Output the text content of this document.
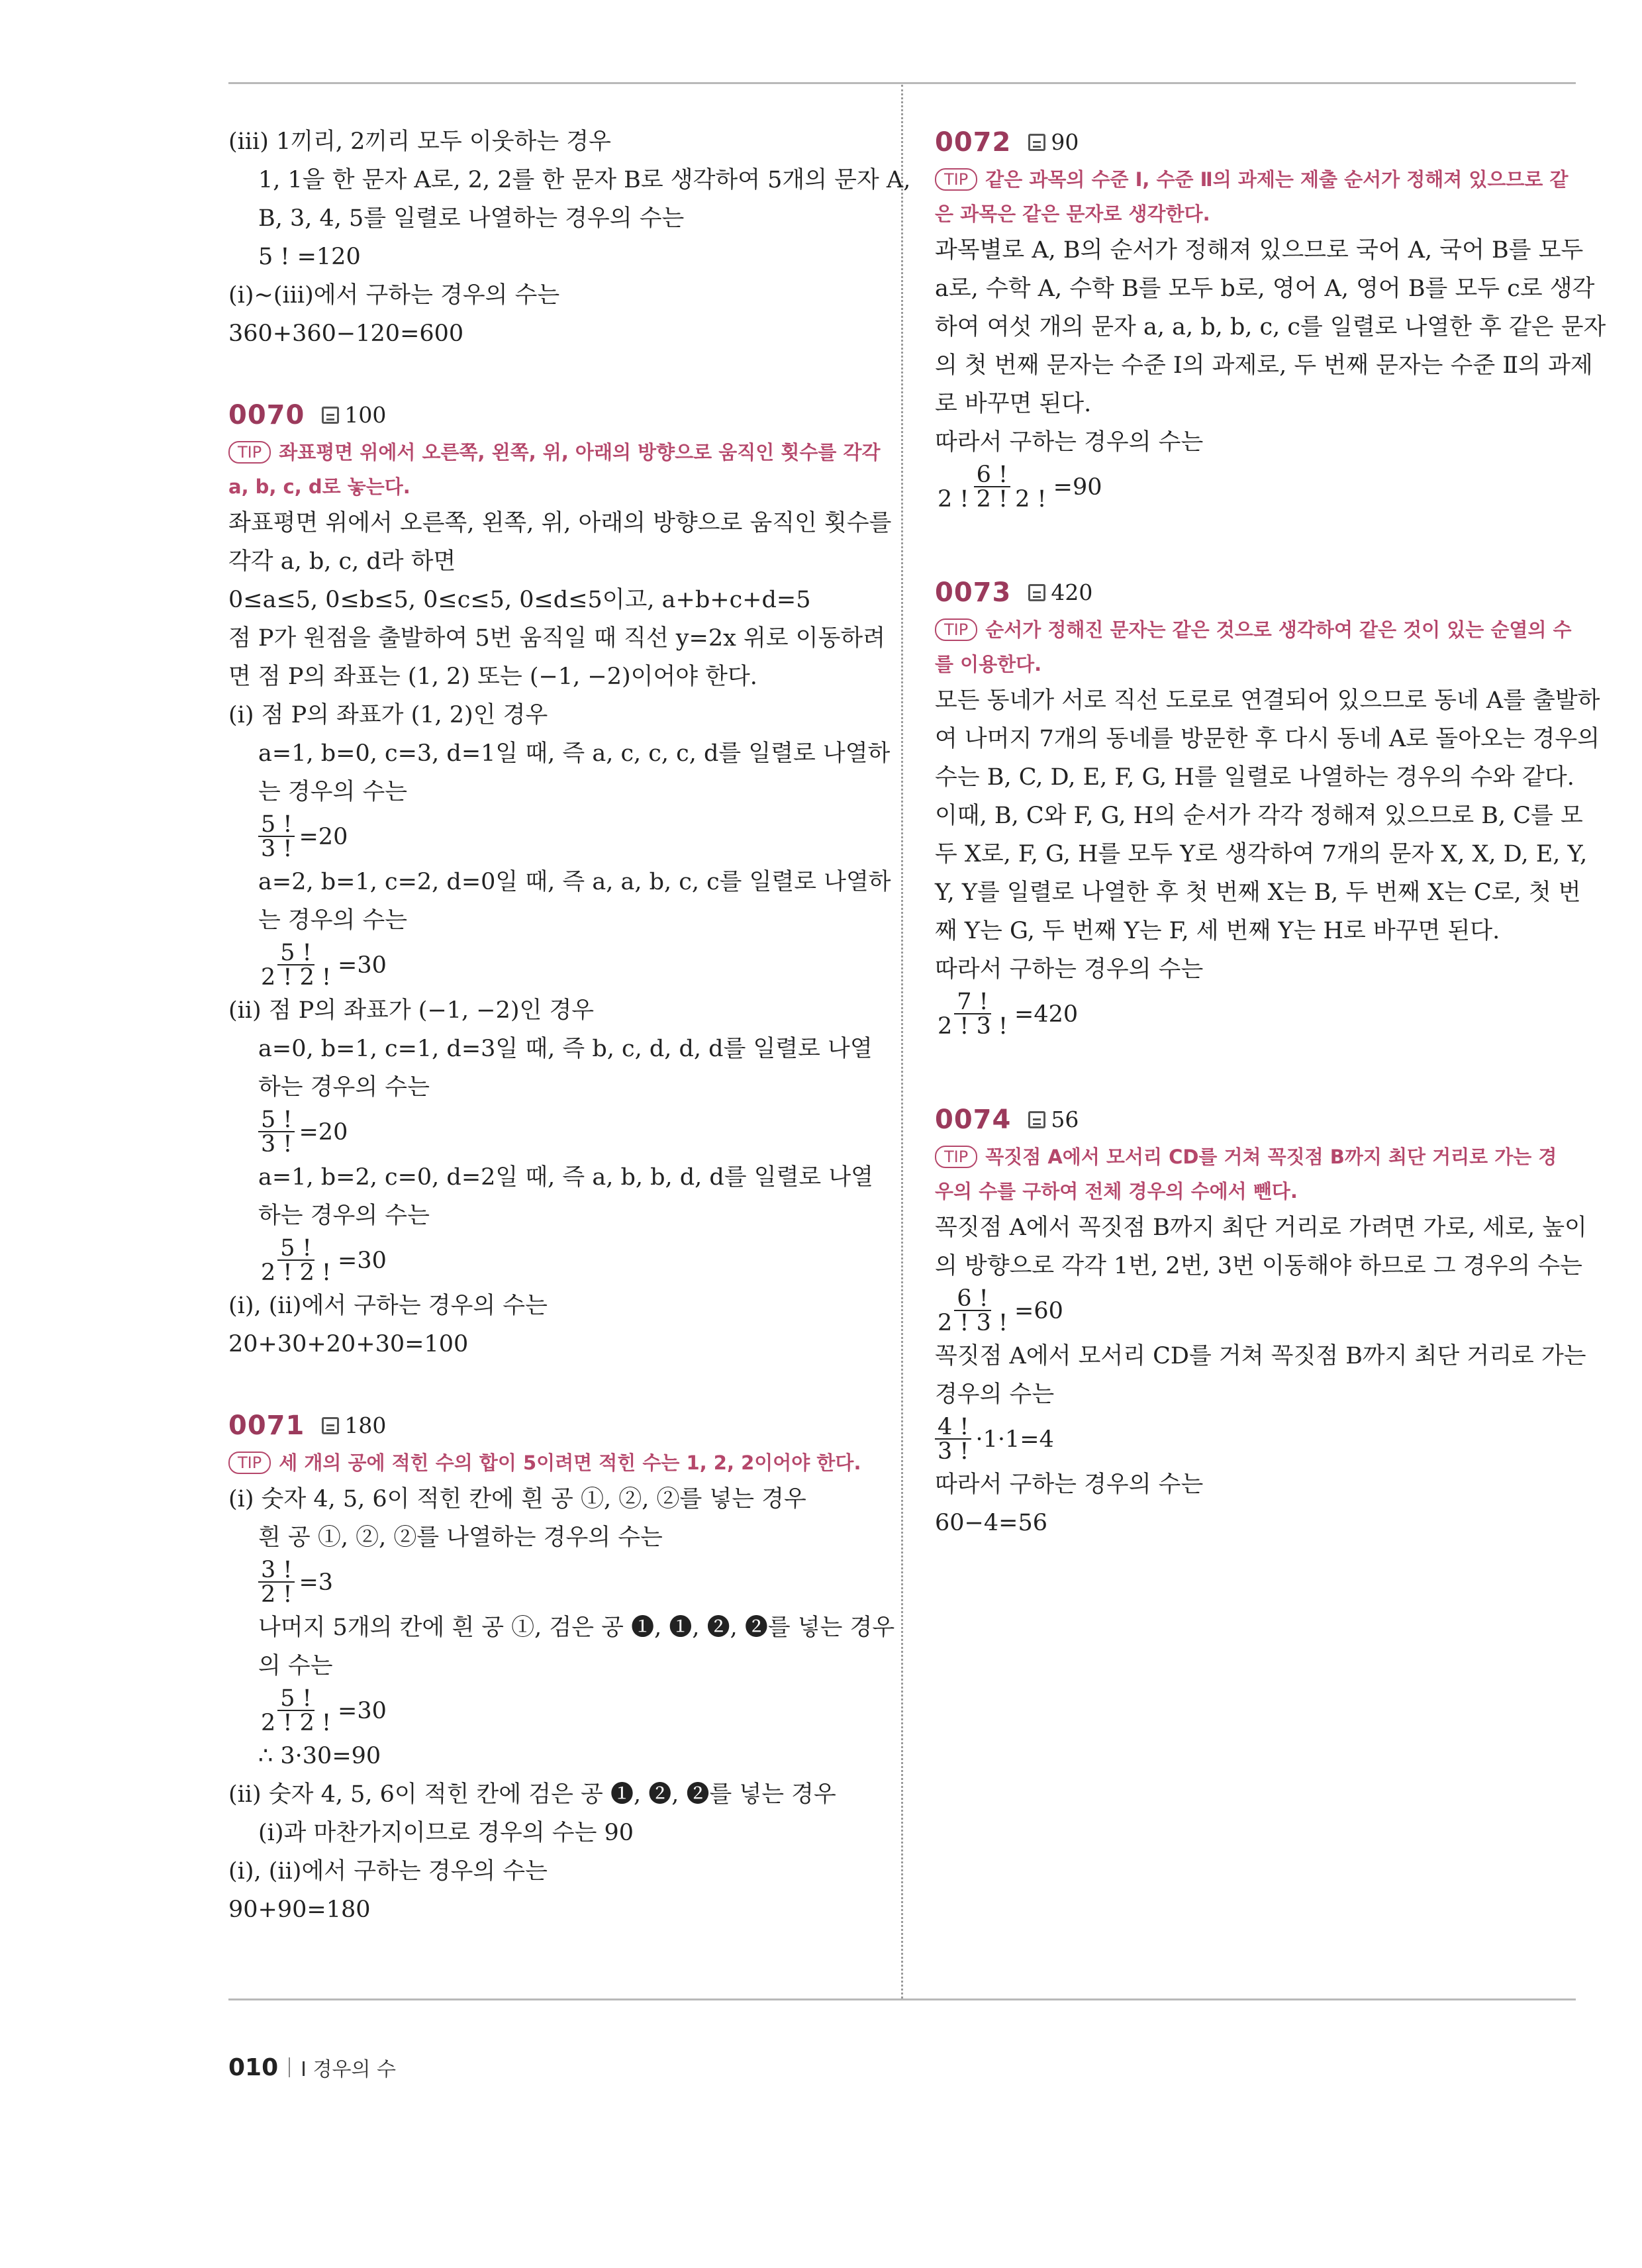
(ⅲ) 1끼리, 2끼리 모두 이웃하는 경우
1, 1을 한 문자 A로, 2, 2를 한 문자 B로 생각하여 5개의 문자 A,
B, 3, 4, 5를 일렬로 나열하는 경우의 수는
5 ! =120
(ⅰ)~(ⅲ)에서 구하는 경우의 수는
360+360−120=600
0070 100
TIP 좌표평면 위에서 오른쪽, 왼쪽, 위, 아래의 방향으로 움직인 횟수를 각각
a, b, c, d로 놓는다.
좌표평면 위에서 오른쪽, 왼쪽, 위, 아래의 방향으로 움직인 횟수를
각각 a, b, c, d라 하면
0≤a≤5, 0≤b≤5, 0≤c≤5, 0≤d≤5이고, a+b+c+d=5
점 P가 원점을 출발하여 5번 움직일 때 직선 y=2x 위로 이동하려
면 점 P의 좌표는 (1, 2) 또는 (−1, −2)이어야 한다.
(ⅰ) 점 P의 좌표가 (1, 2)인 경우
a=1, b=0, c=3, d=1일 때, 즉 a, c, c, c, d를 일렬로 나열하
는 경우의 수는
$\frac{5 !}{3 !} =20$
a=2, b=1, c=2, d=0일 때, 즉 a, a, b, c, c를 일렬로 나열하
는 경우의 수는
$\frac{5 !}{2 ! 2 !} =30$
(ⅱ) 점 P의 좌표가 (−1, −2)인 경우
a=0, b=1, c=1, d=3일 때, 즉 b, c, d, d, d를 일렬로 나열
하는 경우의 수는
$\frac{5 !}{3 !} =20$
a=1, b=2, c=0, d=2일 때, 즉 a, b, b, d, d를 일렬로 나열
하는 경우의 수는
$\frac{5 !}{2 ! 2 !} =30$
(ⅰ), (ⅱ)에서 구하는 경우의 수는
20+30+20+30=100
0071 180
TIP 세 개의 공에 적힌 수의 합이 5이려면 적힌 수는 1, 2, 2이어야 한다.
(ⅰ) 숫자 4, 5, 6이 적힌 칸에 흰 공 ①, ②, ②를 넣는 경우
흰 공 ①, ②, ②를 나열하는 경우의 수는
$\frac{3 !}{2 !} =3$
나머지 5개의 칸에 흰 공 ①, 검은 공 ❶, ❶, ❷, ❷를 넣는 경우
의 수는
$\frac{5 !}{2 ! 2 !} =30$
∴ 3·30=90
(ⅱ) 숫자 4, 5, 6이 적힌 칸에 검은 공 ❶, ❷, ❷를 넣는 경우
(ⅰ)과 마찬가지이므로 경우의 수는 90
(ⅰ), (ⅱ)에서 구하는 경우의 수는
90+90=180
0072 90
TIP 같은 과목의 수준 Ⅰ, 수준 Ⅱ의 과제는 제출 순서가 정해져 있으므로 같
은 과목은 같은 문자로 생각한다.
과목별로 A, B의 순서가 정해져 있으므로 국어 A, 국어 B를 모두
a로, 수학 A, 수학 B를 모두 b로, 영어 A, 영어 B를 모두 c로 생각
하여 여섯 개의 문자 a, a, b, b, c, c를 일렬로 나열한 후 같은 문자
의 첫 번째 문자는 수준 Ⅰ의 과제로, 두 번째 문자는 수준 Ⅱ의 과제
로 바꾸면 된다.
따라서 구하는 경우의 수는
$\frac{6 !}{2 ! 2 ! 2 !} =90$
0073 420
TIP 순서가 정해진 문자는 같은 것으로 생각하여 같은 것이 있는 순열의 수
를 이용한다.
모든 동네가 서로 직선 도로로 연결되어 있으므로 동네 A를 출발하
여 나머지 7개의 동네를 방문한 후 다시 동네 A로 돌아오는 경우의
수는 B, C, D, E, F, G, H를 일렬로 나열하는 경우의 수와 같다.
이때, B, C와 F, G, H의 순서가 각각 정해져 있으므로 B, C를 모
두 X로, F, G, H를 모두 Y로 생각하여 7개의 문자 X, X, D, E, Y,
Y, Y를 일렬로 나열한 후 첫 번째 X는 B, 두 번째 X는 C로, 첫 번
째 Y는 G, 두 번째 Y는 F, 세 번째 Y는 H로 바꾸면 된다.
따라서 구하는 경우의 수는
$\frac{7 !}{2 ! 3 !} =420$
0074 56
TIP 꼭짓점 A에서 모서리 CD를 거쳐 꼭짓점 B까지 최단 거리로 가는 경
우의 수를 구하여 전체 경우의 수에서 뺀다.
꼭짓점 A에서 꼭짓점 B까지 최단 거리로 가려면 가로, 세로, 높이
의 방향으로 각각 1번, 2번, 3번 이동해야 하므로 그 경우의 수는
$\frac{6 !}{2 ! 3 !} =60$
꼭짓점 A에서 모서리 CD를 거쳐 꼭짓점 B까지 최단 거리로 가는
경우의 수는
$\frac{4 !}{3 !} \cdot 1\cdot 1=4$
따라서 구하는 경우의 수는
60−4=56
010 Ⅰ 경우의 수
